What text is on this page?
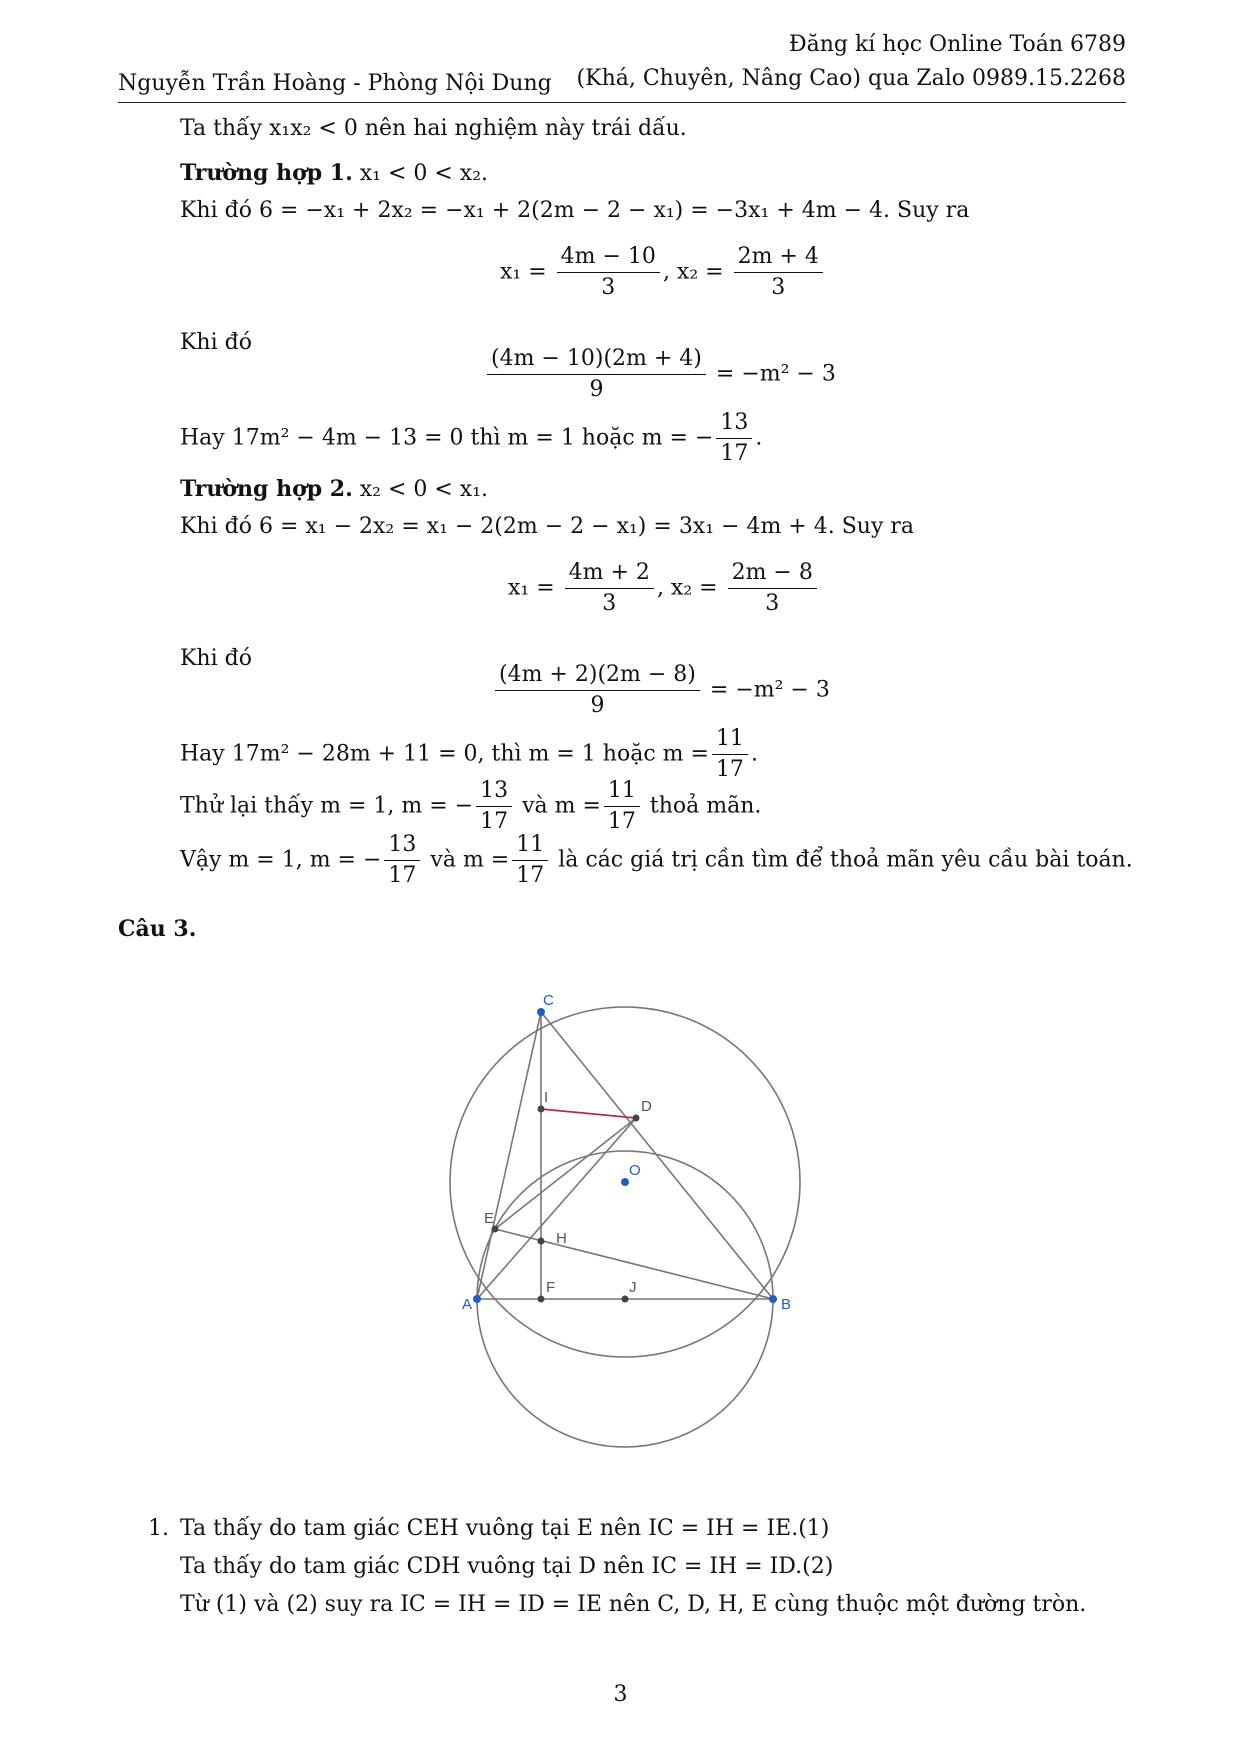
Nguyễn Trần Hoàng - Phòng Nội Dung
Đăng kí học Online Toán 6789
(Khá, Chuyên, Nâng Cao) qua Zalo 0989.15.2268
Ta thấy x₁x₂ < 0 nên hai nghiệm này trái dấu.
Trường hợp 1. x₁ < 0 < x₂.
Khi đó 6 = −x₁ + 2x₂ = −x₁ + 2(2m − 2 − x₁) = −3x₁ + 4m − 4. Suy ra
$x_1 = \frac{4m - 10}{3}$ , $x_2 = \frac{2m + 4}{3}$
Khi đó
$\frac{(4m - 10)(2m + 4)}{9} = -m^2 - 3$
Hay 17m² − 4m − 13 = 0 thì m = 1 hoặc m = − $\frac{13}{17}$ .
Trường hợp 2. x₂ < 0 < x₁.
Khi đó 6 = x₁ − 2x₂ = x₁ − 2(2m − 2 − x₁) = 3x₁ − 4m + 4. Suy ra
$x_1 = \frac{4m + 2}{3}$ , $x_2 = \frac{2m - 8}{3}$
Khi đó
$\frac{(4m + 2)(2m - 8)}{9} = -m^2 - 3$
Hay 17m² − 28m + 11 = 0, thì m = 1 hoặc $m = \frac{11}{17}$ .
Thử lại thấy m = 1, m = − $\frac{13}{17}$ và $m = \frac{11}{17}$ thoả mãn.
Vậy m = 1, m = − $\frac{13}{17}$ và $m = \frac{11}{17}$ là các giá trị cần tìm để thoả mãn yêu cầu bài toán.
Câu 3.
C
I
D
O
E
H
F	J
A	B
1. Ta thấy do tam giác CEH vuông tại E nên IC = IH = IE.(1)
Ta thấy do tam giác CDH vuông tại D nên IC = IH = ID.(2)
Từ (1) và (2) suy ra IC = IH = ID = IE nên C, D, H, E cùng thuộc một đường tròn.
3
